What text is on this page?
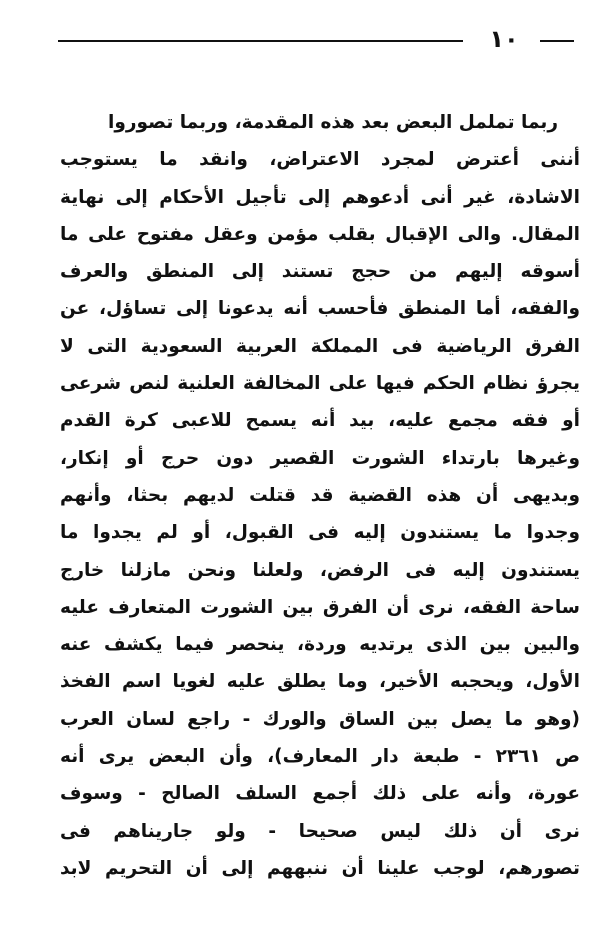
١٠
ربما تململ البعض بعد هذه المقدمة، وربما تصوروا
أننى أعترض لمجرد الاعتراض، وانقد ما يستوجب
الاشادة، غير أنى أدعوهم إلى تأجيل الأحكام إلى نهاية
المقال. والى الإقبال بقلب مؤمن وعقل مفتوح على ما
أسوقه إليهم من حجج تستند إلى المنطق والعرف
والفقه، أما المنطق فأحسب أنه يدعونا إلى تساؤل، عن
الفرق الرياضية فى المملكة العربية السعودية التى لا
يجرؤ نظام الحكم فيها على المخالفة العلنية لنص شرعى
أو فقه مجمع عليه، بيد أنه يسمح للاعبى كرة القدم
وغيرها بارتداء الشورت القصير دون حرج أو إنكار،
وبديهى أن هذه القضية قد قتلت لديهم بحثا، وأنهم
وجدوا ما يستندون إليه فى القبول، أو لم يجدوا ما
يستندون إليه فى الرفض، ولعلنا ونحن مازلنا خارج
ساحة الفقه، نرى أن الفرق بين الشورت المتعارف عليه
والبين بين الذى يرتديه وردة، ينحصر فيما يكشف عنه
الأول، ويحجبه الأخير، وما يطلق عليه لغويا اسم الفخذ
(وهو ما يصل بين الساق والورك - راجع لسان العرب
ص ٢٣٦١ - طبعة دار المعارف)، وأن البعض يرى أنه
عورة، وأنه على ذلك أجمع السلف الصالح - وسوف
نرى أن ذلك ليس صحيحا - ولو جاريناهم فى
تصورهم، لوجب علينا أن ننبههم إلى أن التحريم لابد
